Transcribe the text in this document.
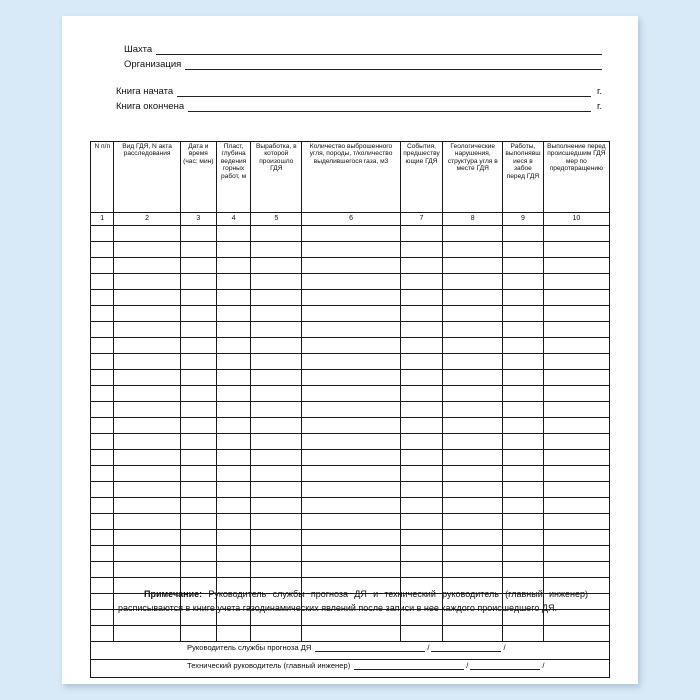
Шахта
Организация
Книга начата	г.
Книга окончена	г.
N п/п	Вид ГДЯ, N акта расследования	Дата и время (час: мин)	Пласт, глубина ведения горных работ, м	Выработка, в которой произошло ГДЯ	Количество выброшенного угля, породы, т/количество выделившегося газа, м3	События, предшествующие ГДЯ	Геологические нарушения, структура угля в месте ГДЯ	Работы, выполнявшиеся в забое перед ГДЯ	Выполнение перед происшедшим ГДЯ мер по предотвращению
1	2	3	4	5	6	7	8	9	10

Руководитель службы прогноза ДЯ / /									

Технический руководитель (главный инженер) / /									
Примечание: Руководитель службы прогноза ДЯ и технический руководитель (главный инженер) расписываются в книге учета газодинамических явлений после записи в нее каждого происшедшего ДЯ.
